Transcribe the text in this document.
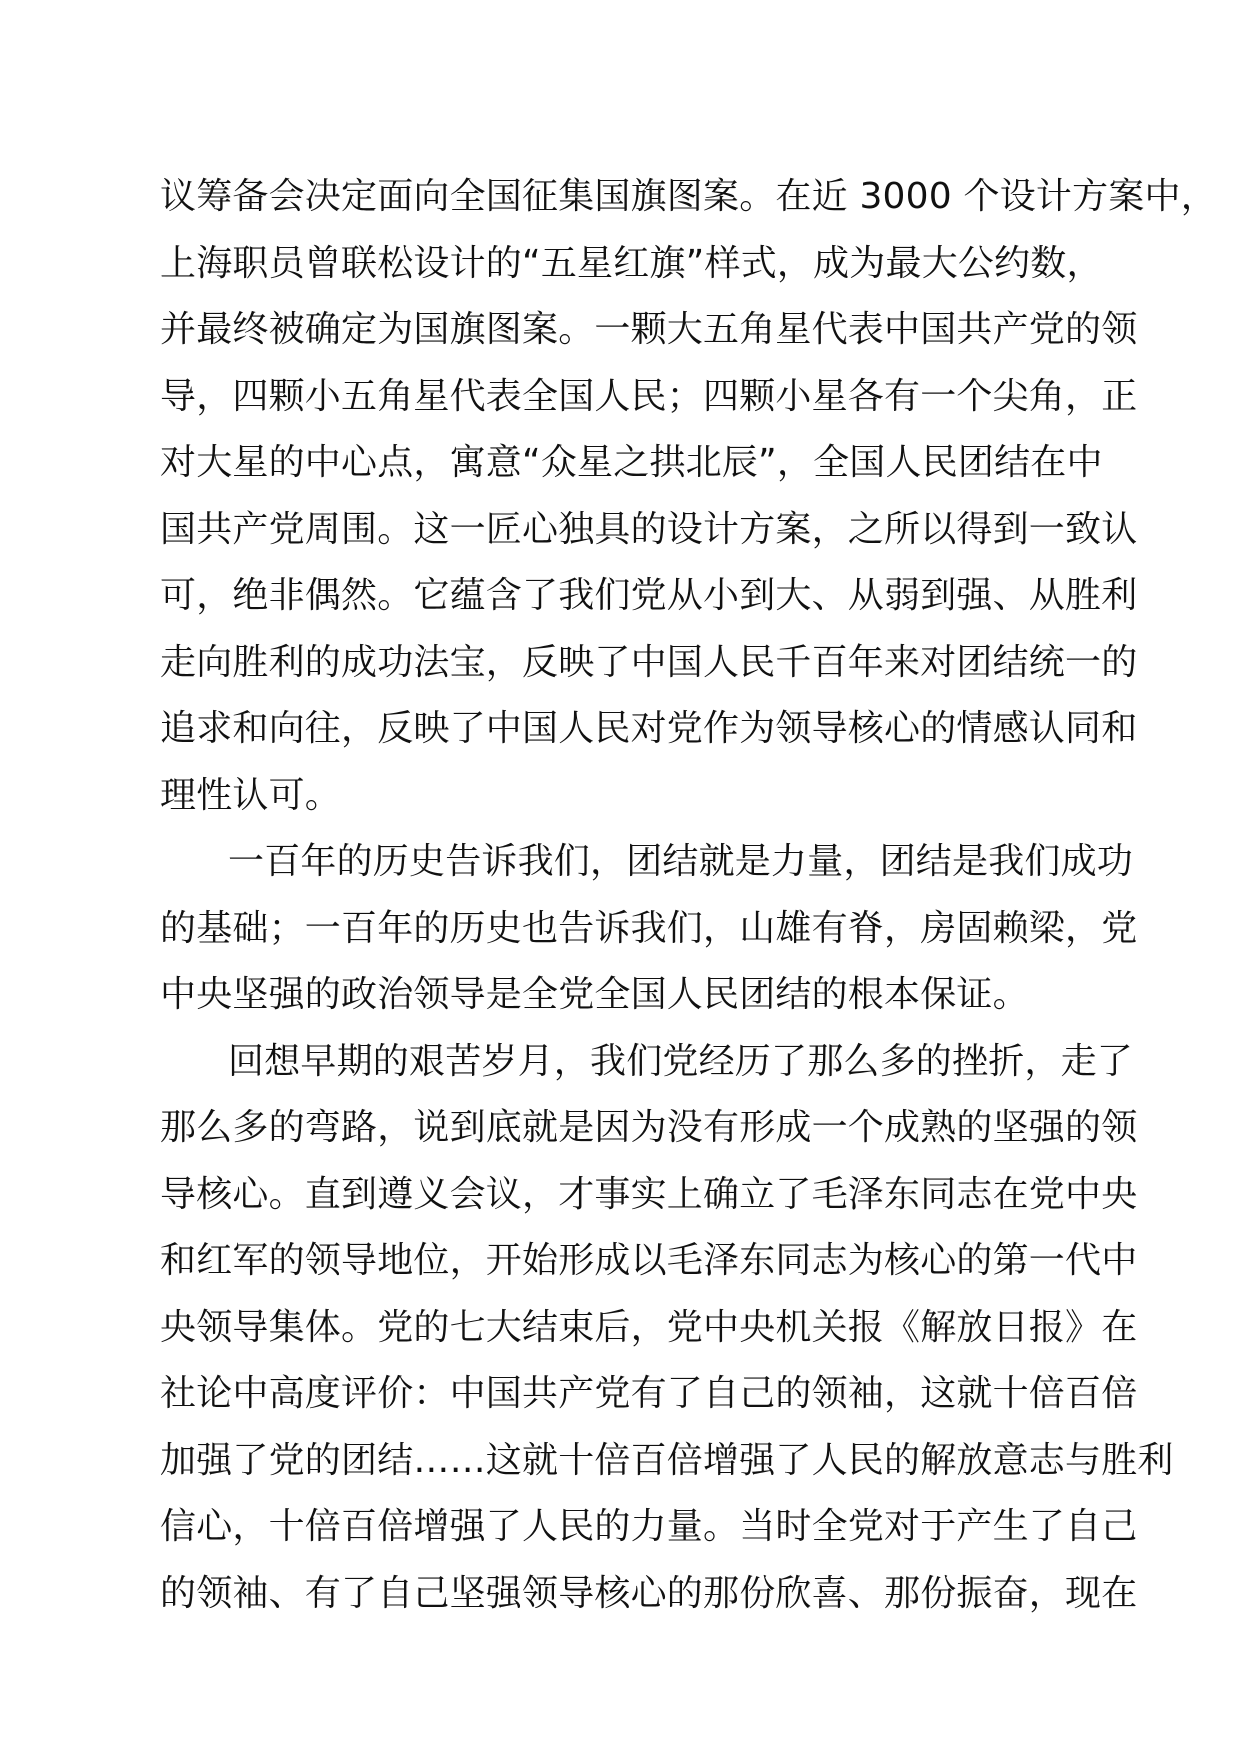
议筹备会决定面向全国征集国旗图案。在近 3000 个设计方案中，
上海职员曾联松设计的“五星红旗”样式，成为最大公约数，
并最终被确定为国旗图案。一颗大五角星代表中国共产党的领
导，四颗小五角星代表全国人民；四颗小星各有一个尖角，正
对大星的中心点，寓意“众星之拱北辰”，全国人民团结在中
国共产党周围。这一匠心独具的设计方案，之所以得到一致认
可，绝非偶然。它蕴含了我们党从小到大、从弱到强、从胜利
走向胜利的成功法宝，反映了中国人民千百年来对团结统一的
追求和向往，反映了中国人民对党作为领导核心的情感认同和
理性认可。
一百年的历史告诉我们，团结就是力量，团结是我们成功
的基础；一百年的历史也告诉我们，山雄有脊，房固赖梁，党
中央坚强的政治领导是全党全国人民团结的根本保证。
回想早期的艰苦岁月，我们党经历了那么多的挫折，走了
那么多的弯路，说到底就是因为没有形成一个成熟的坚强的领
导核心。直到遵义会议，才事实上确立了毛泽东同志在党中央
和红军的领导地位，开始形成以毛泽东同志为核心的第一代中
央领导集体。党的七大结束后，党中央机关报《解放日报》在
社论中高度评价：中国共产党有了自己的领袖，这就十倍百倍
加强了党的团结……这就十倍百倍增强了人民的解放意志与胜利
信心，十倍百倍增强了人民的力量。当时全党对于产生了自己
的领袖、有了自己坚强领导核心的那份欣喜、那份振奋，现在
